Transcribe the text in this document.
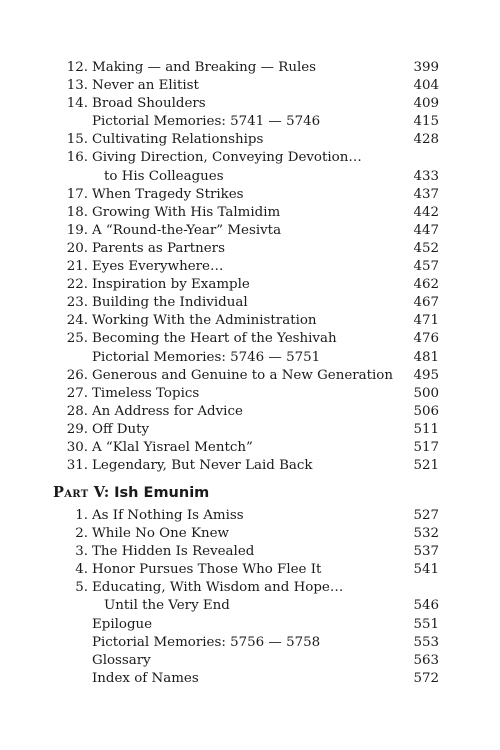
12. Making — and Breaking — Rules	399
13. Never an Elitist	404
14. Broad Shoulders	409
Pictorial Memories: 5741 — 5746	415
15. Cultivating Relationships	428
16. Giving Direction, Conveying Devotion…
to His Colleagues	433
17. When Tragedy Strikes	437
18. Growing With His Talmidim	442
19. A “Round-the-Year” Mesivta	447
20. Parents as Partners	452
21. Eyes Everywhere…	457
22. Inspiration by Example	462
23. Building the Individual	467
24. Working With the Administration	471
25. Becoming the Heart of the Yeshivah	476
Pictorial Memories: 5746 — 5751	481
26. Generous and Genuine to a New Generation 495
27. Timeless Topics	500
28. An Address for Advice	506
29. Off Duty	511
30. A “Klal Yisrael Mentch”	517
31. Legendary, But Never Laid Back	521
Part V: Ish Emunim
1. As If Nothing Is Amiss	527
2. While No One Knew	532
3. The Hidden Is Revealed	537
4. Honor Pursues Those Who Flee It	541
5. Educating, With Wisdom and Hope…
Until the Very End	546
Epilogue	551
Pictorial Memories: 5756 — 5758	553
Glossary	563
Index of Names	572
